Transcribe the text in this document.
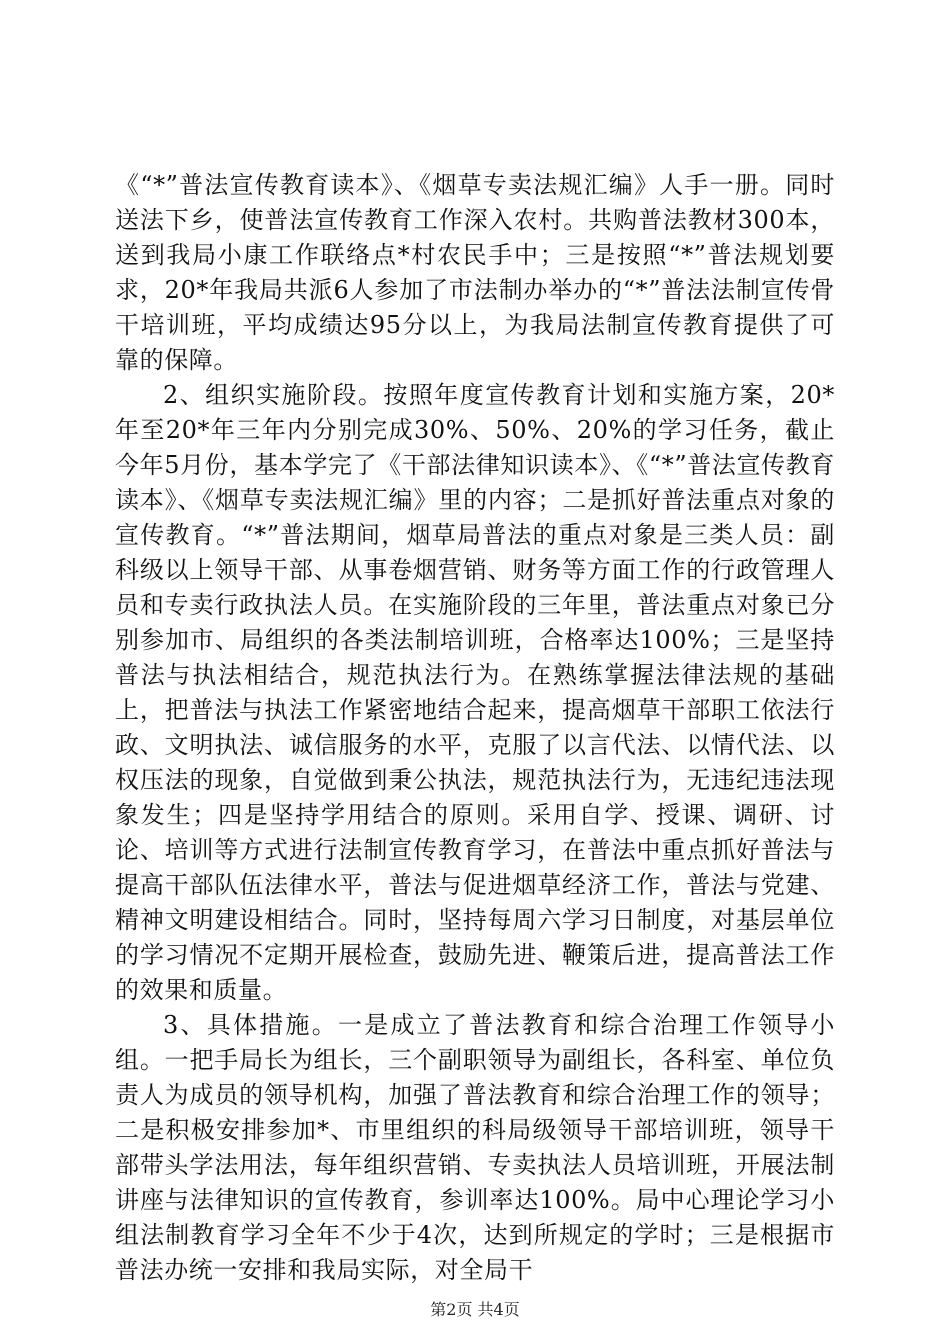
《“*”普法宣传教育读本》、《烟草专卖法规汇编》人手一册。同时送法下乡，使普法宣传教育工作深入农村。共购普法教材300本，送到我局小康工作联络点*村农民手中；三是按照“*”普法规划要求，20*年我局共派6人参加了市法制办举办的“*”普法法制宣传骨干培训班，平均成绩达95分以上，为我局法制宣传教育提供了可靠的保障。

2、组织实施阶段。按照年度宣传教育计划和实施方案，20*年至20*年三年内分别完成30%、50%、20%的学习任务，截止今年5月份，基本学完了《干部法律知识读本》、《“*”普法宣传教育读本》、《烟草专卖法规汇编》里的内容；二是抓好普法重点对象的宣传教育。“*”普法期间，烟草局普法的重点对象是三类人员：副科级以上领导干部、从事卷烟营销、财务等方面工作的行政管理人员和专卖行政执法人员。在实施阶段的三年里，普法重点对象已分别参加市、局组织的各类法制培训班，合格率达100%；三是坚持普法与执法相结合，规范执法行为。在熟练掌握法律法规的基础上，把普法与执法工作紧密地结合起来，提高烟草干部职工依法行政、文明执法、诚信服务的水平，克服了以言代法、以情代法、以权压法的现象，自觉做到秉公执法，规范执法行为，无违纪违法现象发生；四是坚持学用结合的原则。采用自学、授课、调研、讨论、培训等方式进行法制宣传教育学习，在普法中重点抓好普法与提高干部队伍法律水平，普法与促进烟草经济工作，普法与党建、精神文明建设相结合。同时，坚持每周六学习日制度，对基层单位的学习情况不定期开展检查，鼓励先进、鞭策后进，提高普法工作的效果和质量。

3、具体措施。一是成立了普法教育和综合治理工作领导小组。一把手局长为组长，三个副职领导为副组长，各科室、单位负责人为成员的领导机构，加强了普法教育和综合治理工作的领导；二是积极安排参加*、市里组织的科局级领导干部培训班，领导干部带头学法用法，每年组织营销、专卖执法人员培训班，开展法制讲座与法律知识的宣传教育，参训率达100%。局中心理论学习小组法制教育学习全年不少于4次，达到所规定的学时；三是根据市普法办统一安排和我局实际，对全局干

第2页 共4页
